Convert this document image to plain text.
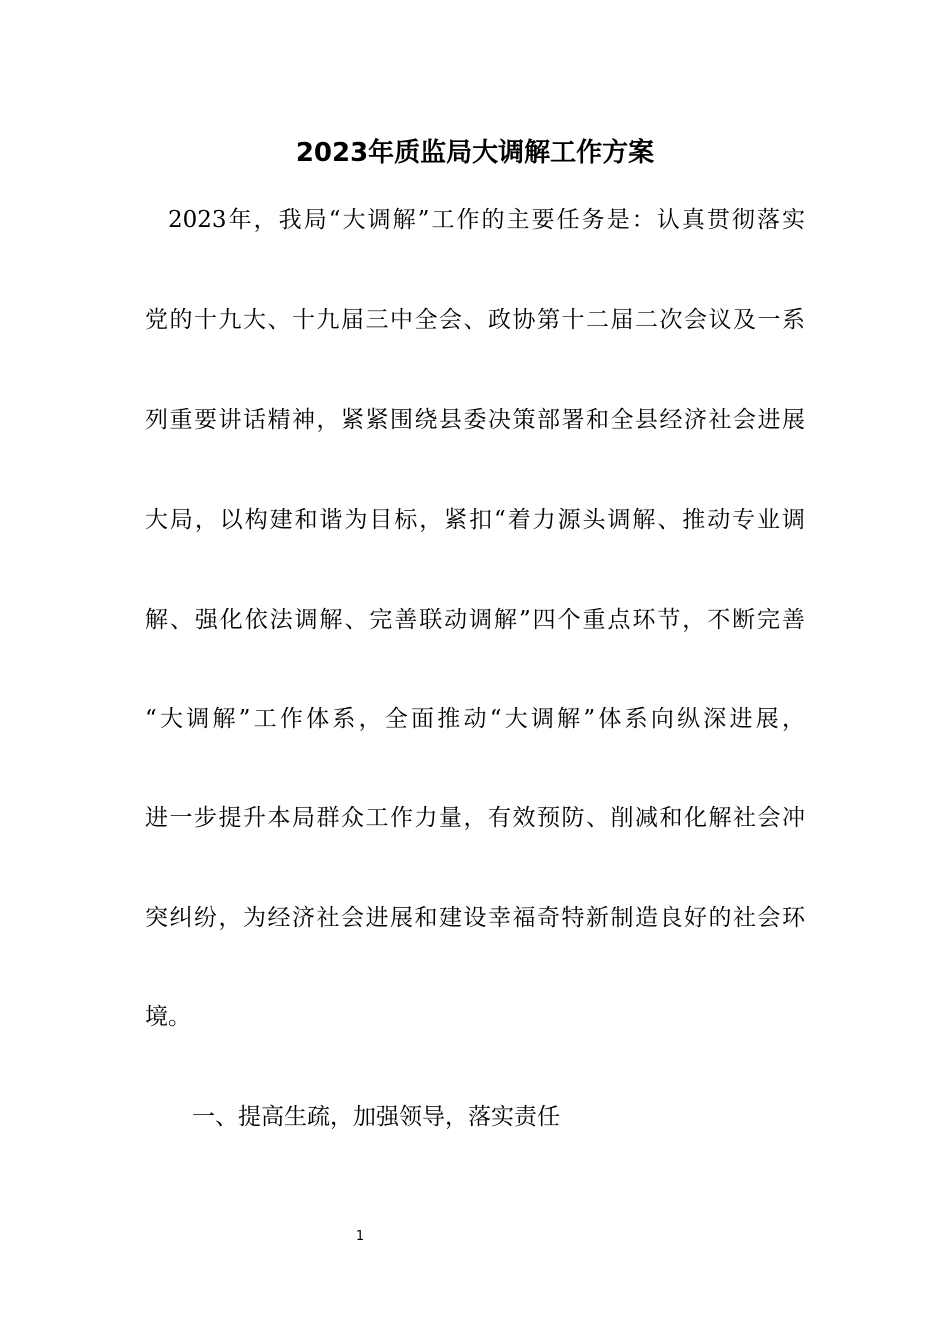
2023年质监局大调解工作方案
2023年，我局“大调解”工作的主要任务是：认真贯彻落实
党的十九大、十九届三中全会、政协第十二届二次会议及一系
列重要讲话精神，紧紧围绕县委决策部署和全县经济社会进展
大局，以构建和谐为目标，紧扣“着力源头调解、推动专业调
解、强化依法调解、完善联动调解”四个重点环节，不断完善
“大调解”工作体系，全面推动“大调解”体系向纵深进展，
进一步提升本局群众工作力量，有效预防、削减和化解社会冲
突纠纷，为经济社会进展和建设幸福奇特新制造良好的社会环
境。
一、提高生疏，加强领导，落实责任
1
